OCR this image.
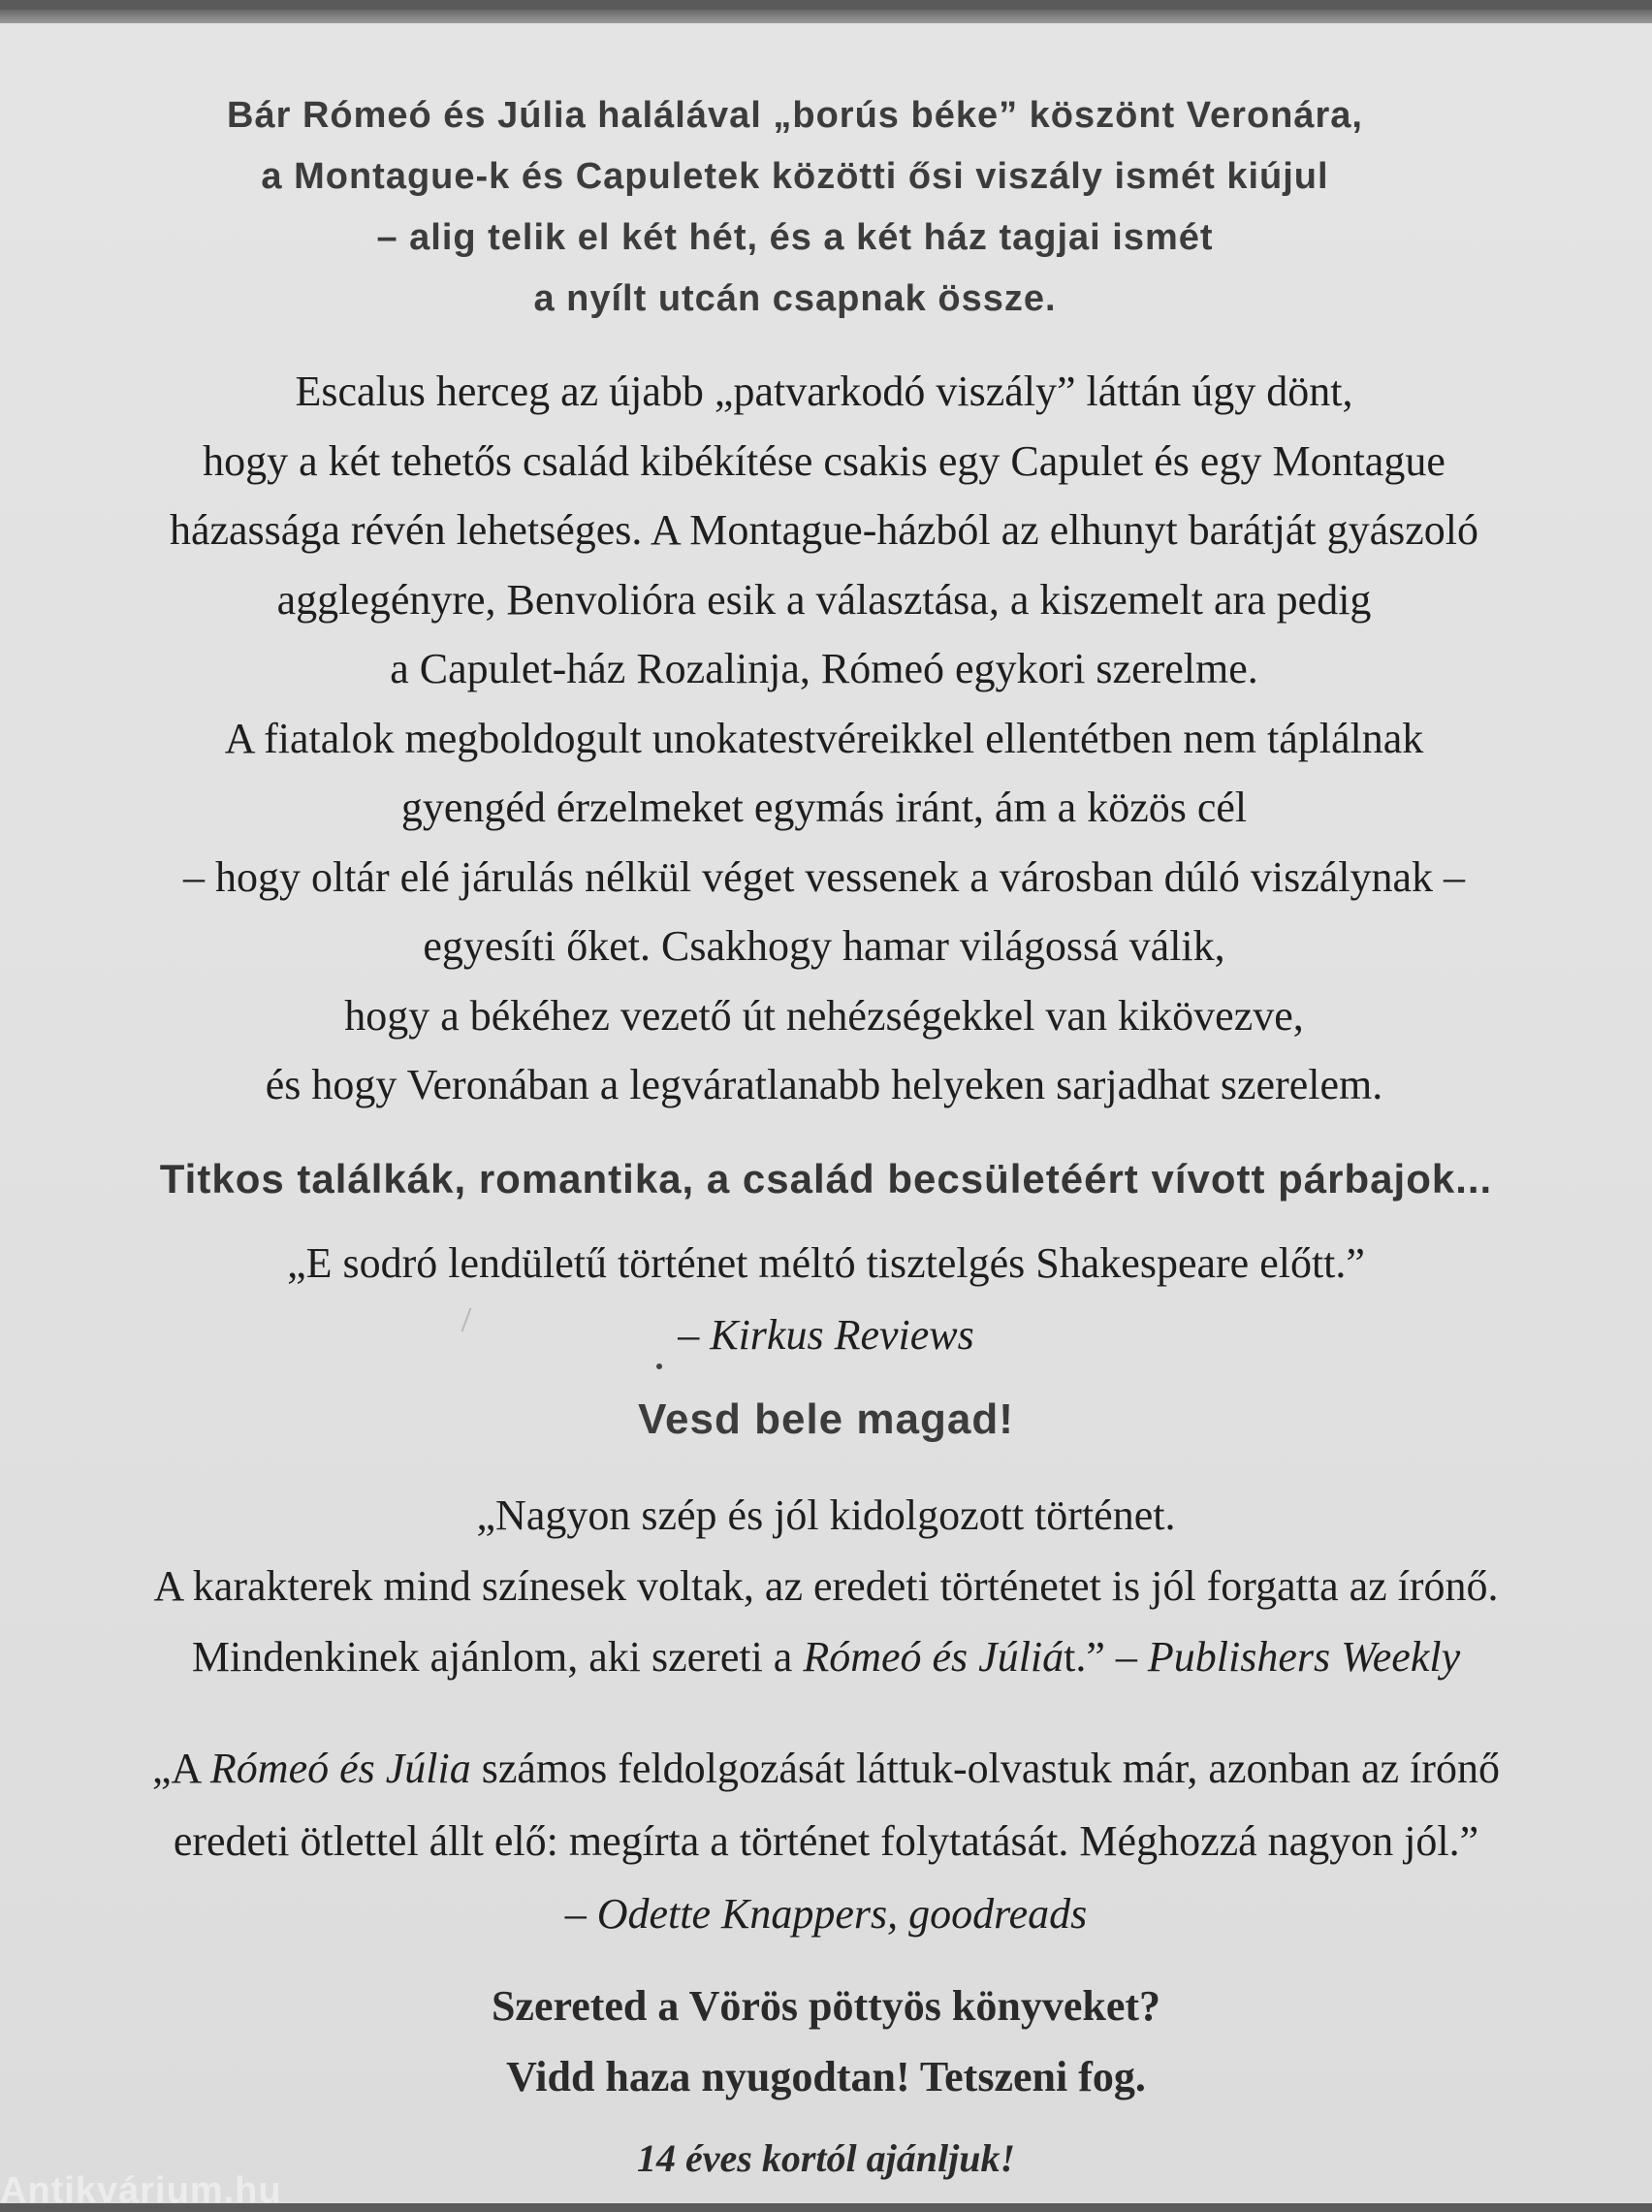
Bár Rómeó és Júlia halálával „borús béke” köszönt Veronára,
a Montague-k és Capuletek közötti ősi viszály ismét kiújul
– alig telik el két hét, és a két ház tagjai ismét
a nyílt utcán csapnak össze.
Escalus herceg az újabb „patvarkodó viszály” láttán úgy dönt,
hogy a két tehetős család kibékítése csakis egy Capulet és egy Montague
házassága révén lehetséges. A Montague-házból az elhunyt barátját gyászoló
agglegényre, Benvolióra esik a választása, a kiszemelt ara pedig
a Capulet-ház Rozalinja, Rómeó egykori szerelme.
A fiatalok megboldogult unokatestvéreikkel ellentétben nem táplálnak
gyengéd érzelmeket egymás iránt, ám a közös cél
– hogy oltár elé járulás nélkül véget vessenek a városban dúló viszálynak –
egyesíti őket. Csakhogy hamar világossá válik,
hogy a békéhez vezető út nehézségekkel van kikövezve,
és hogy Veronában a legváratlanabb helyeken sarjadhat szerelem.
Titkos találkák, romantika, a család becsületéért vívott párbajok...
„E sodró lendületű történet méltó tisztelgés Shakespeare előtt.”
– Kirkus Reviews
Vesd bele magad!
„Nagyon szép és jól kidolgozott történet.
A karakterek mind színesek voltak, az eredeti történetet is jól forgatta az írónő.
Mindenkinek ajánlom, aki szereti a Rómeó és Júliát.” – Publishers Weekly
„A Rómeó és Júlia számos feldolgozását láttuk-olvastuk már, azonban az írónő
eredeti ötlettel állt elő: megírta a történet folytatását. Méghozzá nagyon jól.”
– Odette Knappers, goodreads
Szereted a Vörös pöttyös könyveket?
Vidd haza nyugodtan! Tetszeni fog.
14 éves kortól ajánljuk!
Antikvárium.hu
